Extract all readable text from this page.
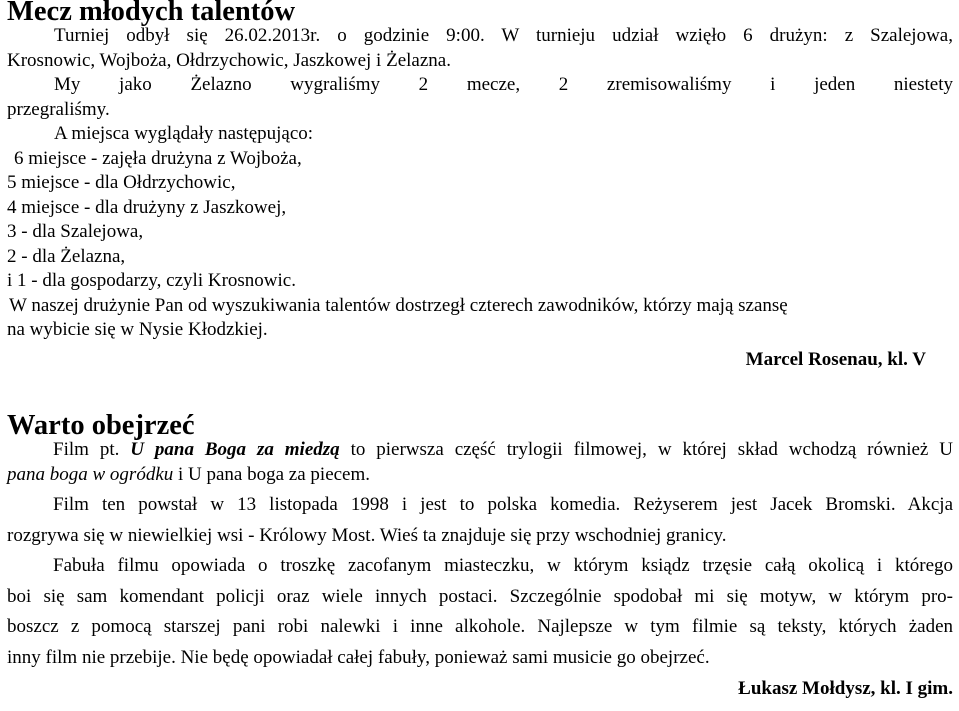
Mecz młodych talentów
Turniej odbył się 26.02.2013r. o godzinie 9:00. W turnieju udział wzięło 6 drużyn: z Szalejowa,
Krosnowic, Wojboża, Ołdrzychowic, Jaszkowej i Żelazna.
My jako Żelazno wygraliśmy 2 mecze, 2 zremisowaliśmy i jeden niestety
przegraliśmy.
A miejsca wyglądały następująco:
6 miejsce - zajęła drużyna z Wojboża,
5 miejsce - dla Ołdrzychowic,
4 miejsce - dla drużyny z Jaszkowej,
3 - dla Szalejowa,
2 - dla Żelazna,
i 1 - dla gospodarzy, czyli Krosnowic.
W naszej drużynie Pan od wyszukiwania talentów dostrzegł czterech zawodników, którzy mają szansę
na wybicie się w Nysie Kłodzkiej.
Marcel Rosenau, kl. V
Warto obejrzeć
Film pt. U pana Boga za miedzą to pierwsza część trylogii filmowej, w której skład wchodzą również U
pana boga w ogródku i U pana boga za piecem.
Film ten powstał w 13 listopada 1998 i jest to polska komedia. Reżyserem jest Jacek Bromski. Akcja
rozgrywa się w niewielkiej wsi - Królowy Most. Wieś ta znajduje się przy wschodniej granicy.
Fabuła filmu opowiada o troszkę zacofanym miasteczku, w którym ksiądz trzęsie całą okolicą i którego
boi się sam komendant policji oraz wiele innych postaci. Szczególnie spodobał mi się motyw, w którym pro-
boszcz z pomocą starszej pani robi nalewki i inne alkohole. Najlepsze w tym filmie są teksty, których żaden
inny film nie przebije. Nie będę opowiadał całej fabuły, ponieważ sami musicie go obejrzeć.
Łukasz Mołdysz, kl. I gim.
